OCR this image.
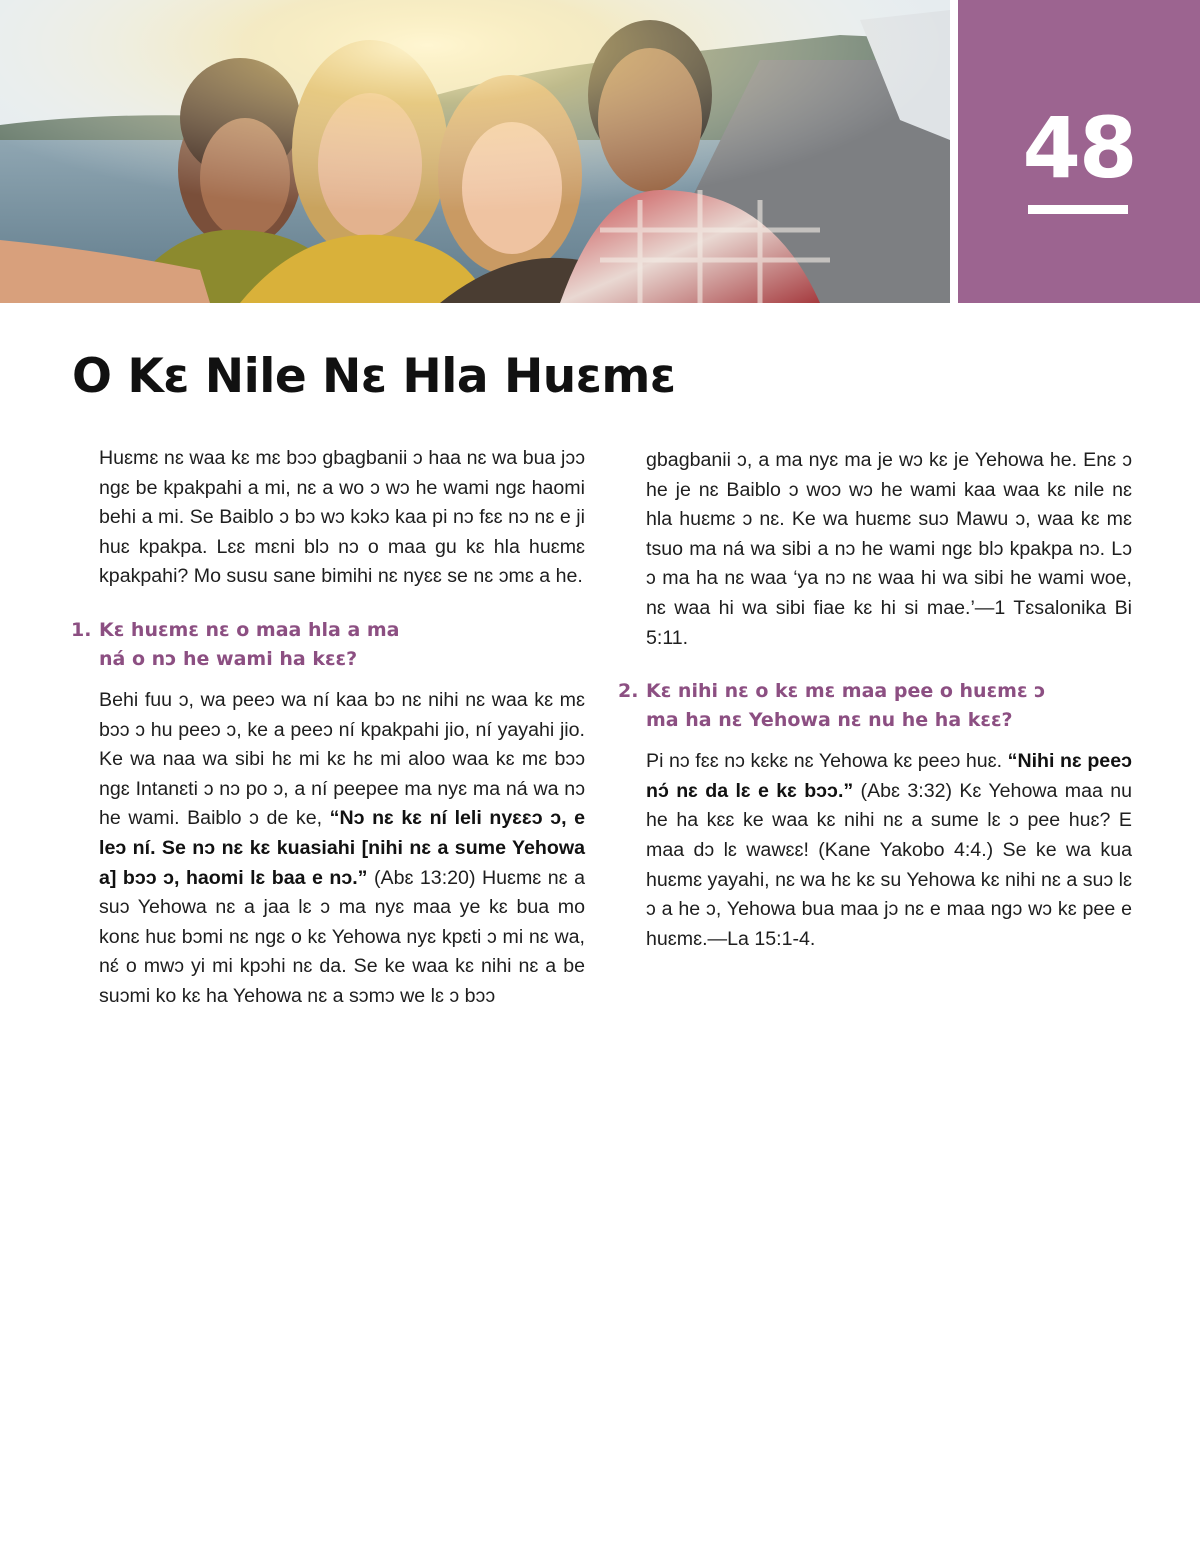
48
O Kɛ Nile Nɛ Hla Huɛmɛ

Huɛmɛ nɛ waa kɛ mɛ bɔɔ gbagbanii ɔ haa nɛ wa bua jɔɔ ngɛ be kpakpahi a mi, nɛ a wo ɔ wɔ he wami ngɛ haomi behi a mi. Se Baiblo ɔ bɔ wɔ kɔkɔ kaa pi nɔ fɛɛ nɔ nɛ e ji huɛ kpakpa. Lɛɛ mɛni blɔ nɔ o maa gu kɛ hla huɛmɛ kpakpahi? Mo susu sane bimihi nɛ nyɛɛ se nɛ ɔmɛ a he.

1. Kɛ huɛmɛ nɛ o maa hla a ma
ná o nɔ he wami ha kɛɛ?

Behi fuu ɔ, wa peeɔ wa ní kaa bɔ nɛ nihi nɛ waa kɛ mɛ bɔɔ ɔ hu peeɔ ɔ, ke a peeɔ ní kpakpahi jio, ní yayahi jio. Ke wa naa wa sibi hɛ mi kɛ hɛ mi aloo waa kɛ mɛ bɔɔ ngɛ Intanɛti ɔ nɔ po ɔ, a ní peepee ma nyɛ ma ná wa nɔ he wami. Baiblo ɔ de ke, “Nɔ nɛ kɛ ní leli nyɛɛɔ ɔ, e leɔ ní. Se nɔ nɛ kɛ kuasiahi [nihi nɛ a sume Yehowa a] bɔɔ ɔ, haomi lɛ baa e nɔ.” (Abɛ 13:20) Huɛmɛ nɛ a suɔ Yehowa nɛ a jaa lɛ ɔ ma nyɛ maa ye kɛ bua mo konɛ huɛ bɔmi nɛ ngɛ o kɛ Yehowa nyɛ kpɛti ɔ mi nɛ wa, nɛ́ o mwɔ yi mi kpɔhi nɛ da. Se ke waa kɛ nihi nɛ a be suɔmi ko kɛ ha Yehowa nɛ a sɔmɔ we lɛ ɔ bɔɔ

gbagbanii ɔ, a ma nyɛ ma je wɔ kɛ je Yehowa he. Enɛ ɔ he je nɛ Baiblo ɔ woɔ wɔ he wami kaa waa kɛ nile nɛ hla huɛmɛ ɔ nɛ. Ke wa huɛmɛ suɔ Mawu ɔ, waa kɛ mɛ tsuo ma ná wa sibi a nɔ he wami ngɛ blɔ kpakpa nɔ. Lɔ ɔ ma ha nɛ waa ‘ya nɔ nɛ waa hi wa sibi he wami woe, nɛ waa hi wa sibi fiae kɛ hi si mae.’—1 Tɛsalonika Bi 5:11.

2. Kɛ nihi nɛ o kɛ mɛ maa pee o huɛmɛ ɔ
ma ha nɛ Yehowa nɛ nu he ha kɛɛ?

Pi nɔ fɛɛ nɔ kɛkɛ nɛ Yehowa kɛ peeɔ huɛ. “Nihi nɛ peeɔ nɔ́ nɛ da lɛ e kɛ bɔɔ.” (Abɛ 3:32) Kɛ Yehowa maa nu he ha kɛɛ ke waa kɛ nihi nɛ a sume lɛ ɔ pee huɛ? E maa dɔ lɛ wawɛɛ! (Kane Yakobo 4:4.) Se ke wa kua huɛmɛ yayahi, nɛ wa hɛ kɛ su Yehowa kɛ nihi nɛ a suɔ lɛ ɔ a he ɔ, Yehowa bua maa jɔ nɛ e maa ngɔ wɔ kɛ pee e huɛmɛ.—La 15:1-4.
